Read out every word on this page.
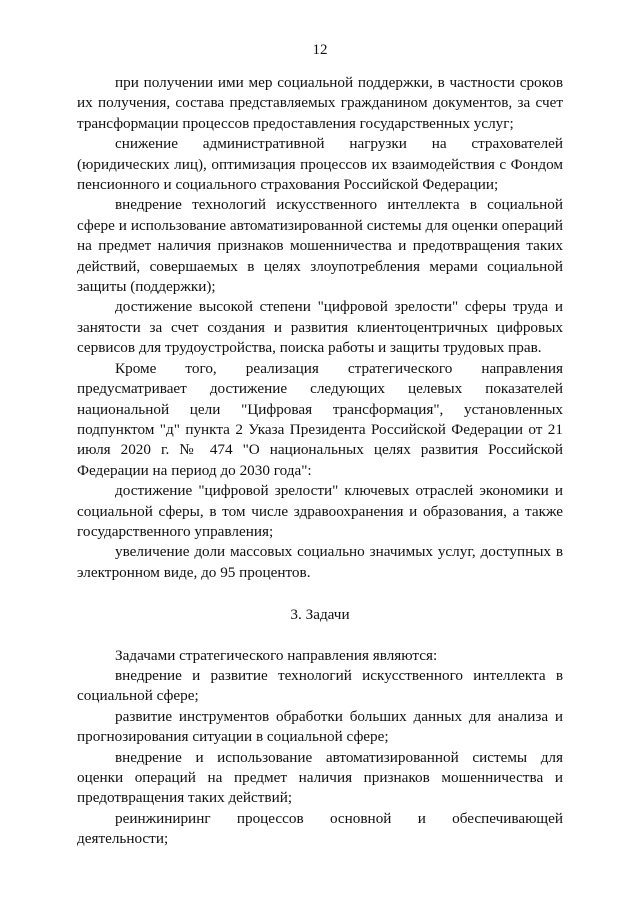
12

при получении ими мер социальной поддержки, в частности сроков их получения, состава представляемых гражданином документов, за счет трансформации процессов предоставления государственных услуг;

снижение административной нагрузки на страхователей (юридических лиц), оптимизация процессов их взаимодействия с Фондом пенсионного и социального страхования Российской Федерации;

внедрение технологий искусственного интеллекта в социальной сфере и использование автоматизированной системы для оценки операций на предмет наличия признаков мошенничества и предотвращения таких действий, совершаемых в целях злоупотребления мерами социальной защиты (поддержки);

достижение высокой степени "цифровой зрелости" сферы труда и занятости за счет создания и развития клиентоцентричных цифровых сервисов для трудоустройства, поиска работы и защиты трудовых прав.

Кроме того, реализация стратегического направления предусматривает достижение следующих целевых показателей национальной цели "Цифровая трансформация", установленных подпунктом "д" пункта 2 Указа Президента Российской Федерации от 21 июля 2020 г. № 474 "О национальных целях развития Российской Федерации на период до 2030 года":

достижение "цифровой зрелости" ключевых отраслей экономики и социальной сферы, в том числе здравоохранения и образования, а также государственного управления;

увеличение доли массовых социально значимых услуг, доступных в электронном виде, до 95 процентов.

3. Задачи

Задачами стратегического направления являются:

внедрение и развитие технологий искусственного интеллекта в социальной сфере;

развитие инструментов обработки больших данных для анализа и прогнозирования ситуации в социальной сфере;

внедрение и использование автоматизированной системы для оценки операций на предмет наличия признаков мошенничества и предотвращения таких действий;

реинжиниринг процессов основной и обеспечивающей деятельности;
